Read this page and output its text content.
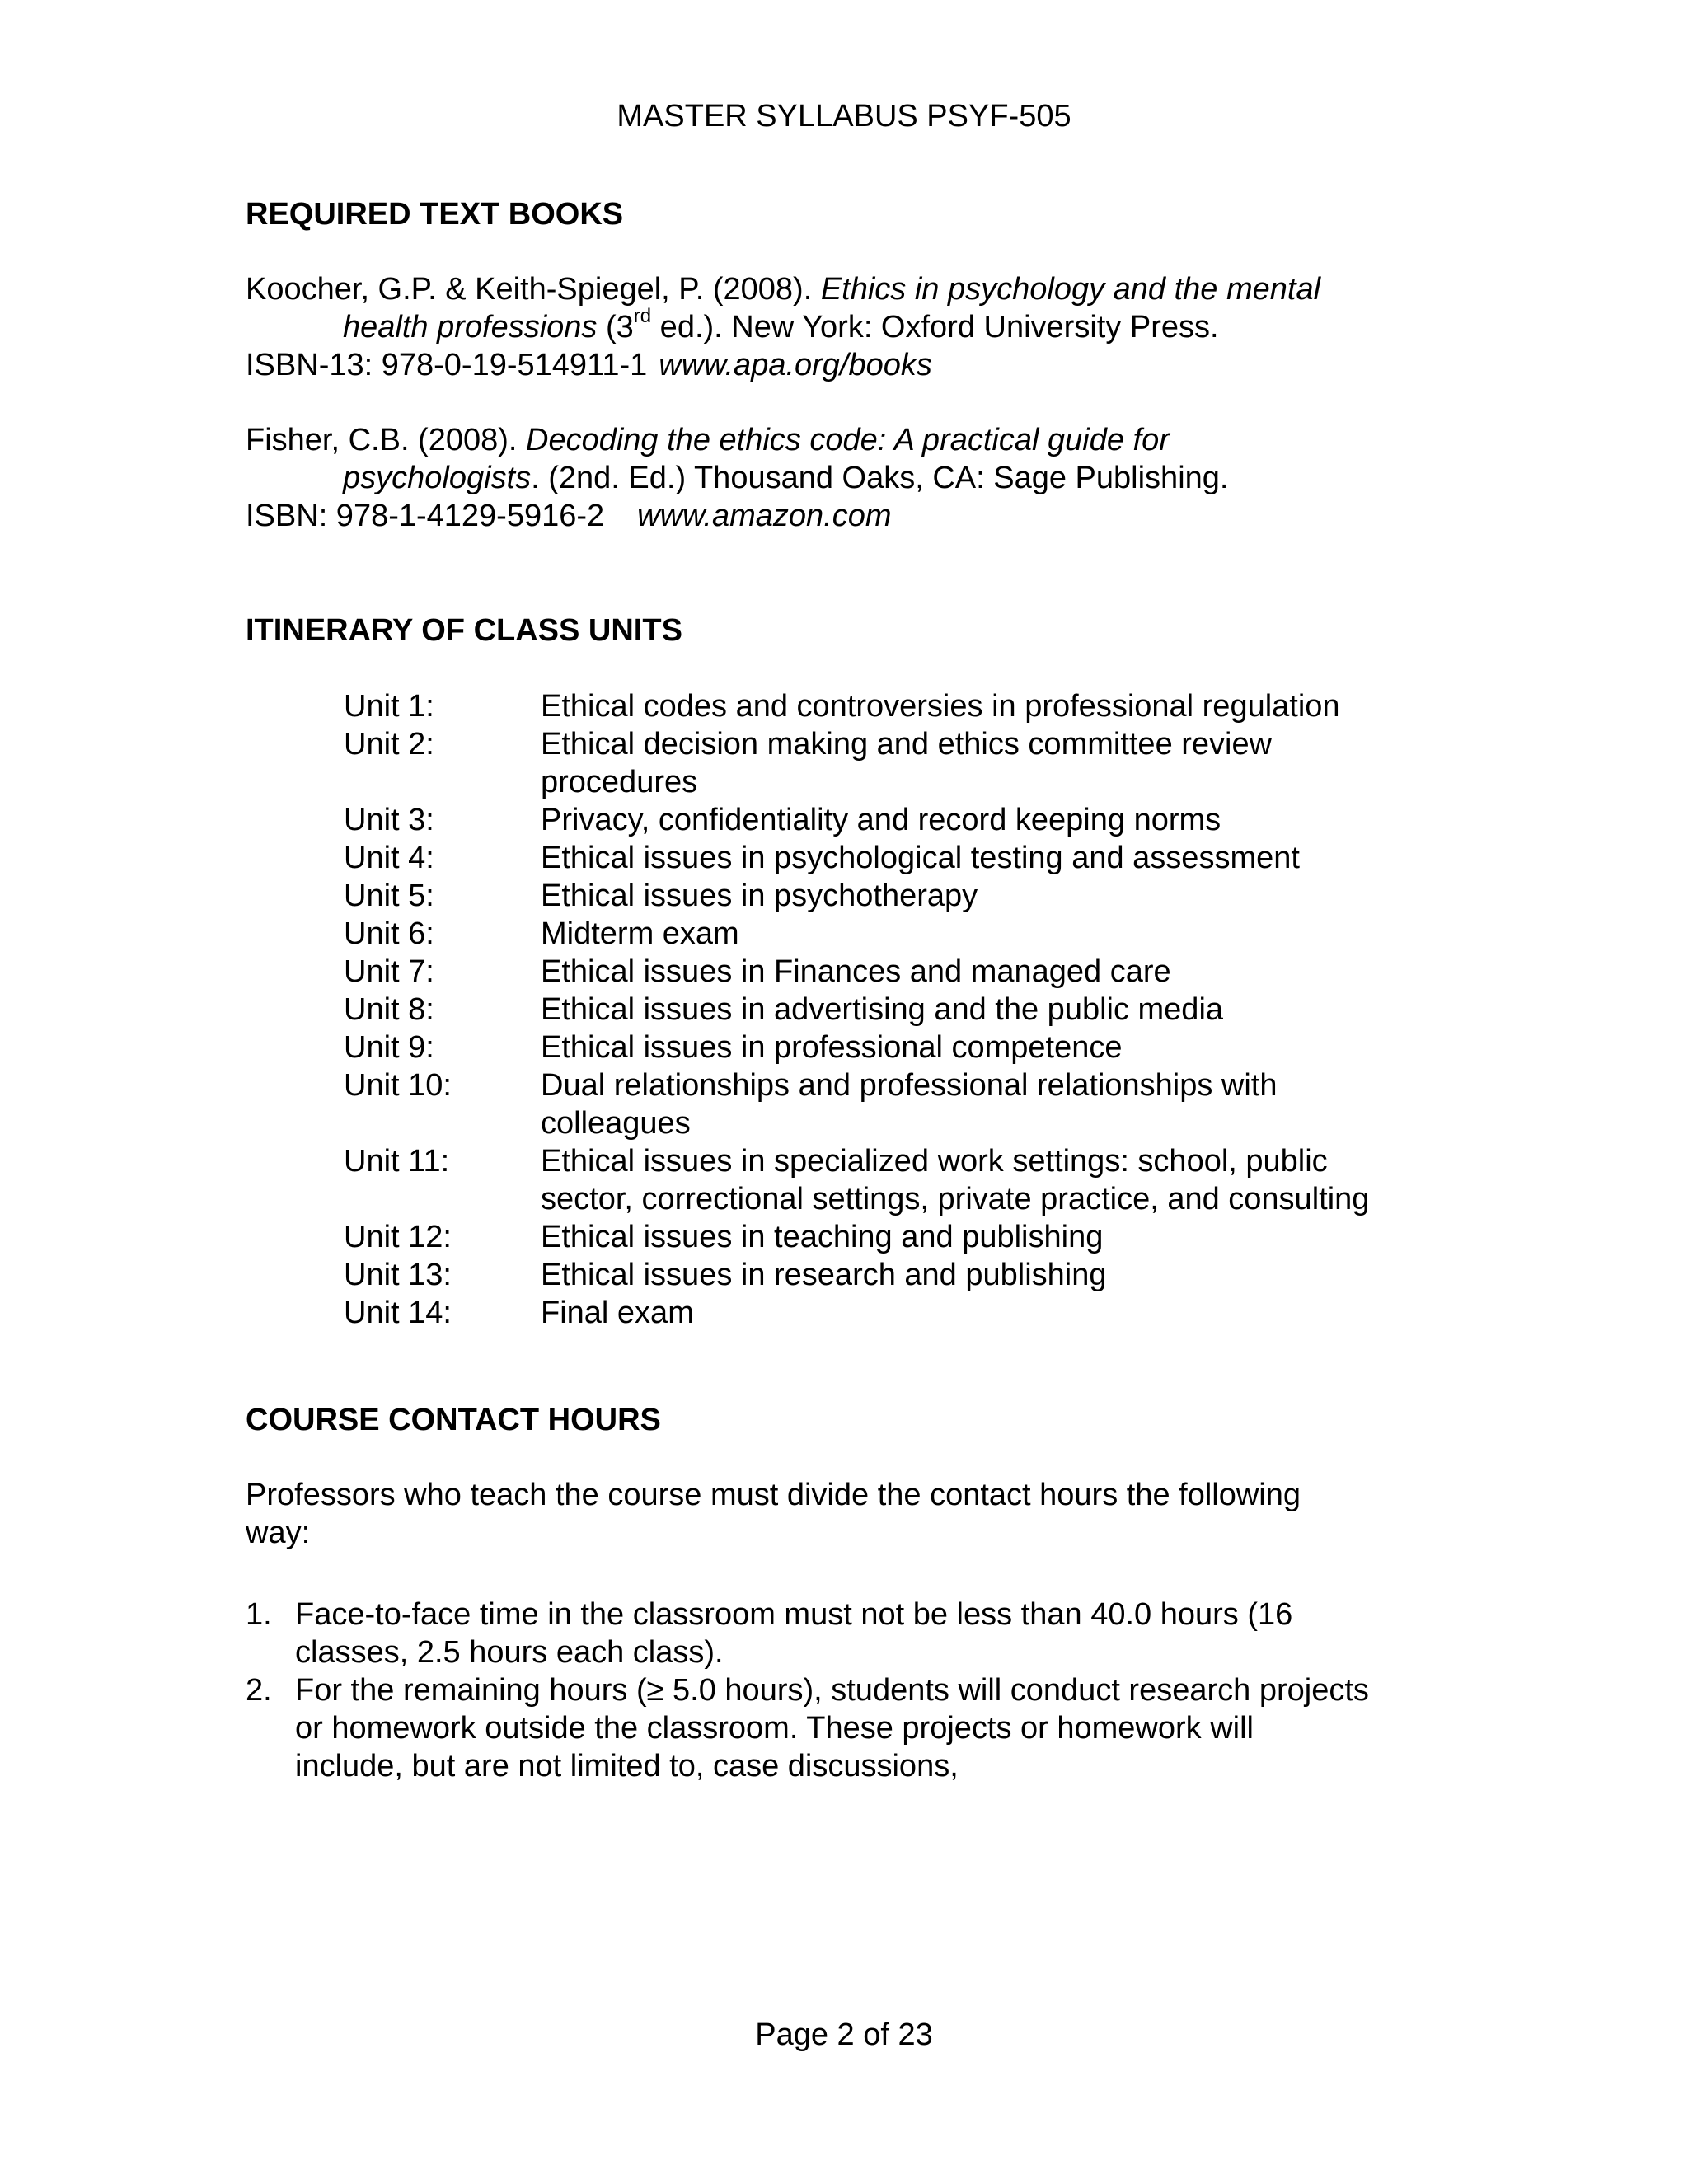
MASTER SYLLABUS PSYF-505
REQUIRED TEXT BOOKS
Koocher, G.P. & Keith-Spiegel, P. (2008). Ethics in psychology and the mental
health professions (3rd ed.). New York: Oxford University Press.
ISBN-13: 978-0-19-514911-1 www.apa.org/books
Fisher, C.B. (2008). Decoding the ethics code: A practical guide for
psychologists. (2nd. Ed.) Thousand Oaks, CA: Sage Publishing.
ISBN: 978-1-4129-5916-2 www.amazon.com
ITINERARY OF CLASS UNITS
Unit 1:	Ethical codes and controversies in professional regulation
Unit 2:	Ethical decision making and ethics committee review
procedures
Unit 3:	Privacy, confidentiality and record keeping norms
Unit 4:	Ethical issues in psychological testing and assessment
Unit 5:	Ethical issues in psychotherapy
Unit 6:	Midterm exam
Unit 7:	Ethical issues in Finances and managed care
Unit 8:	Ethical issues in advertising and the public media
Unit 9:	Ethical issues in professional competence
Unit 10:	Dual relationships and professional relationships with
colleagues
Unit 11:	Ethical issues in specialized work settings: school, public
sector, correctional settings, private practice, and consulting
Unit 12:	Ethical issues in teaching and publishing
Unit 13:	Ethical issues in research and publishing
Unit 14:	Final exam
COURSE CONTACT HOURS
Professors who teach the course must divide the contact hours the following
way:
1. Face-to-face time in the classroom must not be less than 40.0 hours (16
classes, 2.5 hours each class).
2. For the remaining hours (≥ 5.0 hours), students will conduct research projects
or homework outside the classroom. These projects or homework will
include, but are not limited to, case discussions,
Page 2 of 23
